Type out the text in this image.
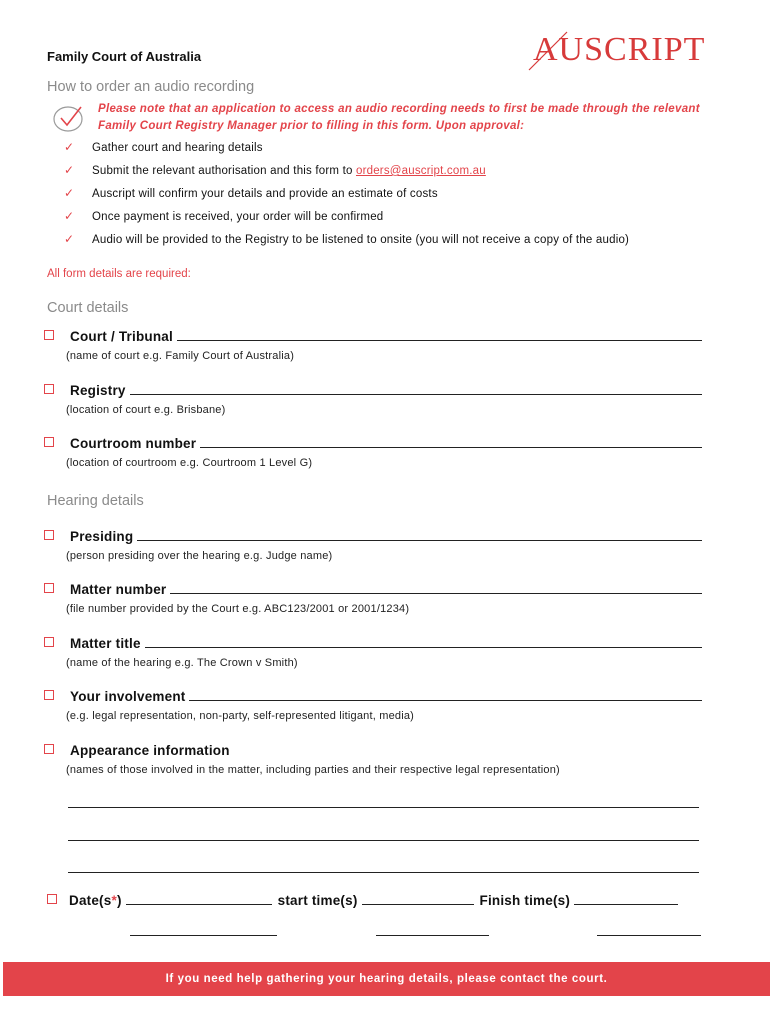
Family Court of Australia	AUSCRIPT
How to order an audio recording
Please note that an application to access an audio recording needs to first be made through the relevant Family Court Registry Manager prior to filling in this form. Upon approval:
✓ Gather court and hearing details
✓ Submit the relevant authorisation and this form to orders@auscript.com.au
✓ Auscript will confirm your details and provide an estimate of costs
✓ Once payment is received, your order will be confirmed
✓ Audio will be provided to the Registry to be listened to onsite (you will not receive a copy of the audio)
All form details are required:
Court details
Court / Tribunal
(name of court e.g. Family Court of Australia)
Registry
(location of court e.g. Brisbane)
Courtroom number
(location of courtroom e.g. Courtroom 1 Level G)
Hearing details
Presiding
(person presiding over the hearing e.g. Judge name)
Matter number
(file number provided by the Court e.g. ABC123/2001 or 2001/1234)
Matter title
(name of the hearing e.g. The Crown v Smith)
Your involvement
(e.g. legal representation, non-party, self-represented litigant, media)
Appearance information
(names of those involved in the matter, including parties and their respective legal representation)
Date(s*)	start time(s)	Finish time(s)
If you need help gathering your hearing details, please contact the court.
